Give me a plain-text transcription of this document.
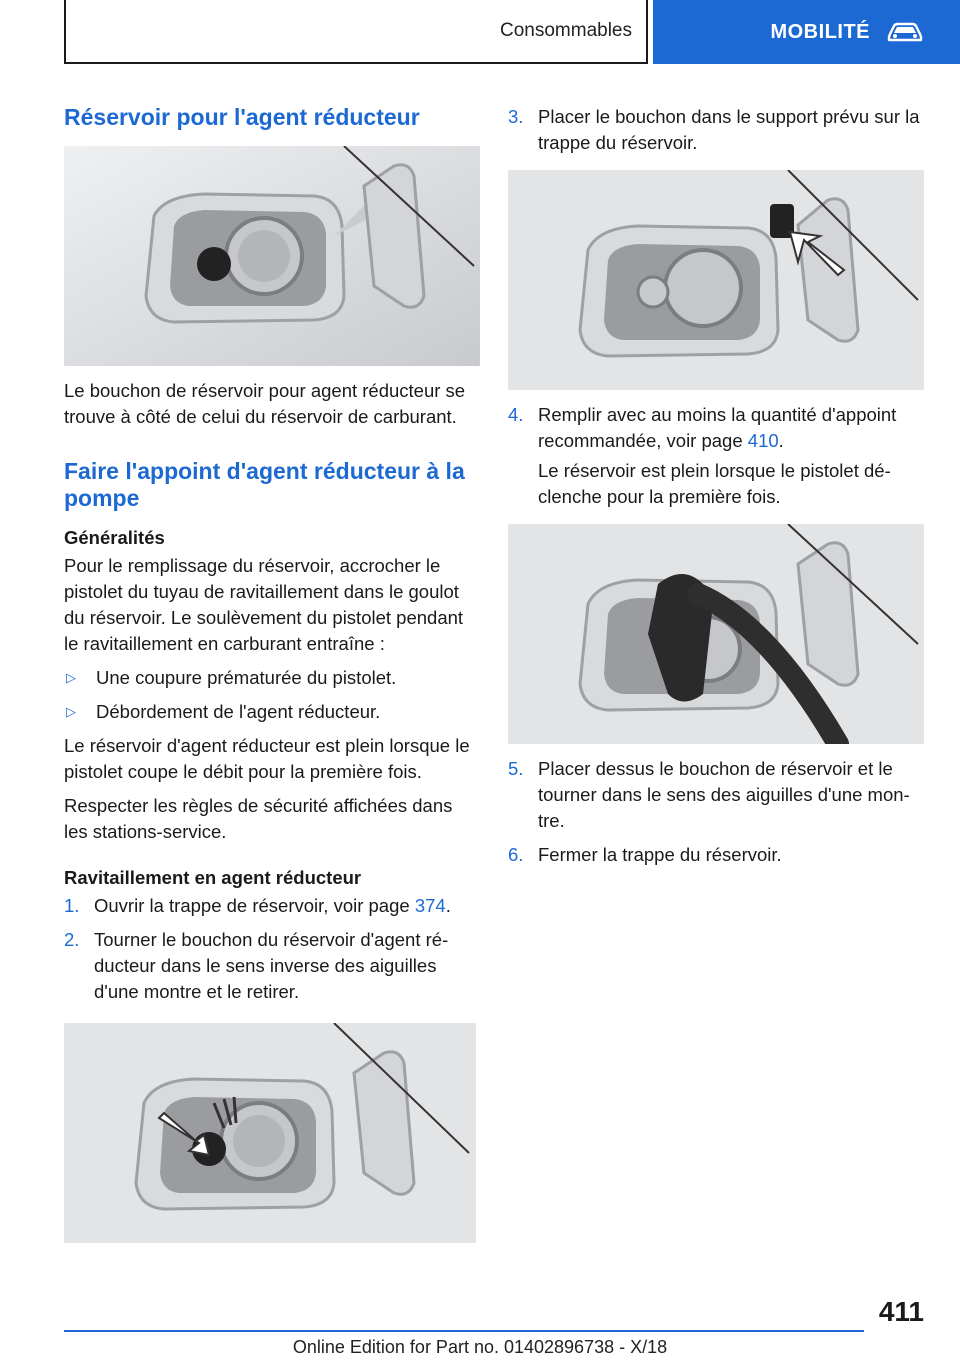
Consommables	MOBILITÉ
Réservoir pour l'agent réducteur

Le bouchon de réservoir pour agent réducteur se trouve à côté de celui du réservoir de carburant.

Faire l'appoint d'agent réducteur à la pompe
Généralités

Pour le remplissage du réservoir, accrocher le pistolet du tuyau de ravitaillement dans le goulot du réservoir. Le soulèvement du pistolet pendant le ravitaillement en carburant entraîne :

▷	Une coupure prématurée du pistolet.
▷	Débordement de l'agent réducteur.

Le réservoir d'agent réducteur est plein lorsque le pistolet coupe le débit pour la première fois.

Respecter les règles de sécurité affichées dans les stations-service.

Ravitaillement en agent réducteur
1. Ouvrir la trappe de réservoir, voir page 374.
2. Tourner le bouchon du réservoir d'agent réducteur dans le sens inverse des aiguilles d'une montre et le retirer.
3. Placer le bouchon dans le support prévu sur la trappe du réservoir.
4. Remplir avec au moins la quantité d'appoint recommandée, voir page 410.

Le réservoir est plein lorsque le pistolet déclenche pour la première fois.

5. Placer dessus le bouchon de réservoir et le tourner dans le sens des aiguilles d'une montre.
6. Fermer la trappe du réservoir.
411
Online Edition for Part no. 01402896738 - X/18
